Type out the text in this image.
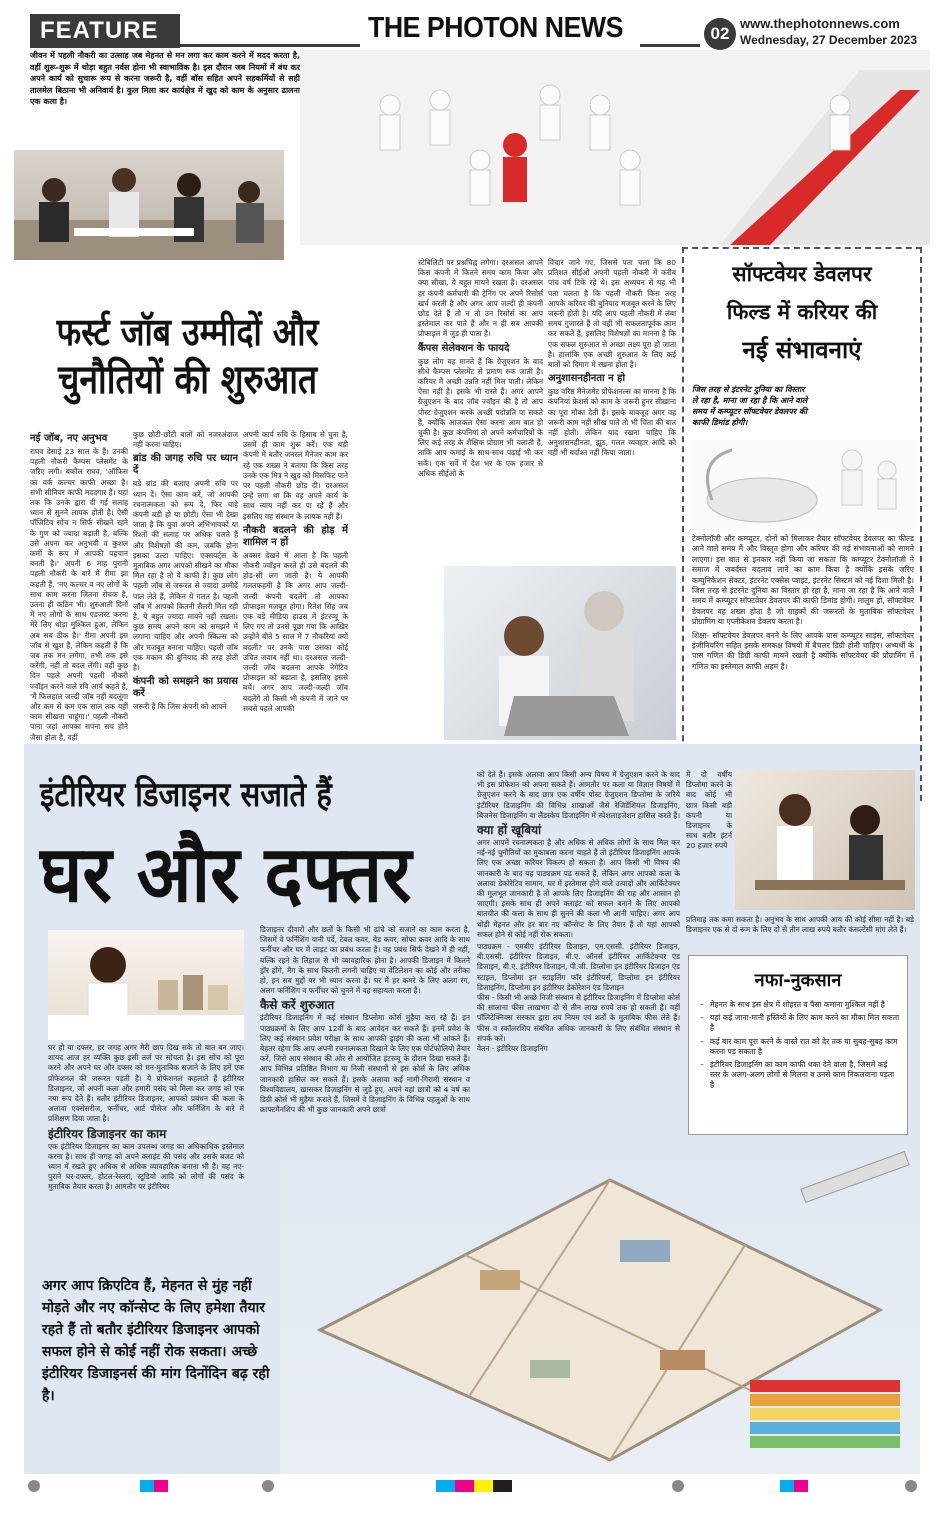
FEATURE	THE PHOTON NEWS	02
www.thephotonnews.com
Wednesday, 27 December 2023
जीवन में पहली नौकरी का उत्साह जब मेहनत से मन लगा कर काम करने में मदद करता है, वहीं शुरू-शुरू में थोड़ा बहुत नर्वस होना भी स्वाभाविक है। इस दौरान जब नियमों में बंध कर अपने कार्य को सुचारू रूप से करना जरूरी है, वहीं बॉस सहित अपने सहकर्मियों से सही तालमेल बिठाना भी अनिवार्य है। कुल मिला कर कार्यक्षेत्र में खुद को काम के अनुसार ढालना एक कला है।
फर्स्ट जॉब उम्मीदों और
चुनौतियों की शुरुआत
नई जॉब, नए अनुभव
राघव देसाई 23 साल के हैं। उनकी पहली नौकरी कैम्पस प्लेसमेंट के जरिए लगी। बकौल राघव, 'ऑफिस का वर्क कल्चर काफी अच्छा है। सभी सीनियर काफी मददगार हैं। यहां तक कि उनके द्वारा दी गई सलाह ध्यान से सुनने लायक होती है। ऐसी पॉजिटिव सोच न सिर्फ सीखने रहने के गुण को ज्यादा बढ़ाती है, बल्कि उसे अपना कर अनुभवी व कुशल कर्मी के रूप में आपकी पहचान बनती है।' अपनी 6 माह पुरानी पहली नौकरी के बारे में रीमा झा कहती हैं, 'नए कल्चर व नए लोगों के साथ काम करना जितना रोचक है, उतना ही कठिन भी। शुरुआती दिनों में नए लोगों के साथ एडजस्ट करना मेरे लिए थोड़ा मुश्किल हुआ, लेकिन अब सब ठीक है।' रीमा अपनी इस जॉब से खुश हैं, लेकिन कहती हैं कि जब तक मन लगेगा, तभी तक इसे करेंगी, नहीं तो बदल लेंगी। वहीं कुछ दिन पहले अपनी पहली नौकरी ज्वॉइन करने वाले रवि आर्य कहते हैं, 'मैं फिलहाल जल्दी जॉब नहीं बदलूंगा और कम से कम एक साल तक यहीं काम सीखना चाहूंगा।' पहली नौकरी पाना जहां आपका सपना सच होने जैसा होता है, वहीं
कुछ छोटी-छोटी बातों को नजरअंदाज नहीं करना चाहिए।
ब्रांड की जगह रुचि पर ध्यान दें
बड़े ब्रांड की बजाए अपनी रुचि पर ध्यान दें। ऐसा काम करें, जो आपकी रचनात्मकता को रूप दे, फिर चाहे कंपनी बड़ी हो या छोटी। ऐसा भी देखा जाता है कि युवा अपने अभिभावकों या रिश्तों की सलाह पर अधिक चलते हैं और विशेषज्ञों की कम, जबकि होना इसका उल्टा चाहिए। एक्सपर्ट्स के मुताबिक अगर आपको सीखने का मौका मिल रहा है तो ये काफी है। कुछ लोग पहली जॉब से जरूरत से ज्यादा उम्मीदें पाल लेते हैं, लेकिन ये गलत है। पहली जॉब में आपको कितनी सैलरी मिल रही है, ये बहुत ज्यादा मायने नहीं रखता। कुछ समय अपने काम को समझने में लगाना चाहिए और अपनी स्किल्स को और मजबूत बनाना चाहिए। पहली जॉब एक मकान की बुनियाद की तरह होती है।
कंपनी को समझने का प्रयास करें
जरूरी है कि जिस कंपनी को आपने
अपनी कार्य रुचि के हिसाब से चुना है, उसमें ही काम शुरू करें। एक बड़ी कंपनी में बतौर जनरल मैनेजर काम कर रहे एक शख्स ने बताया कि किस तरह उनके एक मित्र ने खुद को मिसफिट पाने पर पहली नौकरी छोड़ दी। दरअसल उन्हें लगा था कि वह अपने कार्य के साथ न्याय नहीं कर पा रहे हैं और इसलिए वह संस्थान के लायक नहीं हैं।
नौकरी बदलने की होड़ में शामिल न हों
अक्सर देखने में आता है कि पहली नौकरी ज्वॉइन करते ही उसे बदलने की होड़-सी लग जाती है। ये आपकी गलतफहमी है कि अगर आप जल्दी-जल्दी कंपनी बदलेंगे तो आपका प्रोफाइल मजबूत होगा। रितेश सिंह जब एक बड़े मीडिया हाउस में इंटरव्यू के लिए गए तो उनसे पूछा गया कि आखिर उन्होंने बीते 5 साल में 7 नौकरियां क्यों बदलीं? पर उनके पास उसका कोई उचित जवाब नहीं था। दरअसल जल्दी-जल्दी जॉब बदलना आपके नेगेटिव प्रोफाइल को बढ़ाता है, इसलिए इससे बचें। अगर आप जल्दी-जल्दी जॉब बदलेंगे तो किसी भी कंपनी में जाने पर सबसे पहले आपकी
स्टेबिलिटी पर प्रश्नचिह्न लगेगा। दरअसल आपने किस कंपनी में कितने समय काम किया और क्या सीखा, ये बहुत मायने रखता है। दरअसल हर कंपनी कर्मचारी की ट्रेनिंग पर अपने रिसोर्स खर्च करती है और अगर आप जल्दी ही कंपनी छोड़ देते हैं तो न तो उन रिसोर्स का आप इस्तेमाल कर पाते हैं और न ही सब आपकी प्रोफाइल में जुड़ ही पाता है।
कैंपस सेलेक्शन के फायदे
कुछ लोग यह मानते हैं कि ग्रेजुएशन के बाद सीधे कैम्पस प्लेसमेंट से प्रमाण रुक जाती है। करियर में अच्छी उन्नति नहीं मिल पाती। लेकिन ऐसा नहीं है। इसके भी रास्ते हैं। अगर आपने ग्रेजुएशन के बाद जॉब ज्वॉइन की है तो आप पोस्ट ग्रेजुएशन करके अच्छी पदोन्नति पा सकते हैं, क्योंकि आजकल ऐसा करना आम बात हो चुकी है। कुछ कंपनियां तो अपने कर्मचारियों के लिए कई तरह के शैक्षिक प्रोग्राम भी चलाती हैं, ताकि आप कमाई के साथ-साथ पढ़ाई भी कर सकें। एक सर्वे में देश भर के एक हजार से अधिक सीईओ के
विचार जाने गए, जिससे पता चला कि 80 प्रतिशत सीईओ अपनी पहली नौकरी में करीब पांच वर्ष टिके रहे थे। इस अध्ययन से यह भी पता चलता है कि पहली नौकरी किस तरह आपके करियर की बुनियाद मजबूत करने के लिए जरूरी होती है। यदि आप पहली नौकरी में लंबा समय गुजारते हैं तो वहीं भी सफलतापूर्वक काम कर सकते हैं, इसलिए विशेषज्ञों का मानना है कि एक सफल शुरुआत से अच्छा लक्ष्य पूरा हो जाता है। हालांकि एक अच्छी शुरुआत के लिए कई बातों को दिमाग में रखना होता है।
अनुशासनहीनता न हो
कुछ वरिष्ठ मैनेजमेंट प्रोफेशनल्स का मानना है कि कंपनियां फ्रेशर्स को काम के जरूरी हुनर सीखाना का पूरा मौका देती हैं। इसके बावजूद अगर वह जरूरी काम नहीं सीख पाते तो भी चिंता की बात नहीं होती। लेकिन याद रखना चाहिए कि अनुशासनहीनता, झूठ, गलत व्यवहार आदि को वहीं भी बर्दाश्त नहीं किया जाता।
सॉफ्टवेयर डेवलपर
फिल्ड में करियर की
नई संभावनाएं
जिस तरह से इंटरनेट दुनिया का विस्तार ले रहा है, माना जा रहा है कि आने वाले समय में कम्प्यूटर सॉफ्टवेयर डेवलपर की काफी डिमांड होगी।
टेक्नोलॉजी और कम्प्यूटर, दोनों को मिलाकर तैयार सॉफ्टवेयर डेवलपर का फील्ड आने वाले समय में और विस्तृत होगा और करियर की नई संभावनाओं को सामने लाएगा। इस बात से इनकार नहीं किया जा सकता कि कम्प्यूटर टेक्नोलॉजी ने समाज में जबर्दस्त बदलाव लाने का काम किया है क्योंकि इसके जरिए कम्युनिकेशन सेक्टर, इंटरनेट एक्सेस प्वाइंट, इंटरनेट सिस्टम को नई दिशा मिली है। जिस तरह से इंटरनेट दुनिया का विस्तार हो रहा है, माना जा रहा है कि आने वाले समय में कम्प्यूटर सॉफ्टवेयर डेवलपर की काफी डिमांड होगी। मालूम हो, सॉफ्टवेयर डेवलपर वह शख्स होता है जो ग्राहकों की जरूरतों के मुताबिक सॉफ्टवेयर प्रोग्रामिंग या एप्लीकेशन डेवलप करता है।
शिक्षा- सॉफ्टवेयर डेवलपर बनने के लिए आपके पास कम्प्यूटर साइंस, सॉफ्टवेयर इंजीनियरिंग सहित इसके समकक्ष विषयों में बैचलर डिग्री होनी चाहिए। अभ्यर्थी के पास गणित की डिग्री काफी मायने रखती है क्योंकि सॉफ्टवेयर की प्रोग्रामिंग में गणित का इस्तेमाल काफी अहम है।
इंटीरियर डिजाइनर सजाते हैं
घर और दफ्तर
घर हो या दफ्तर, हर जगह अगर मेरी छाप दिख सके तो बात बन जाए। शायद आज हर व्यक्ति कुछ इसी तर्ज पर सोचता है। इस सोच को पूरा करने और अपने घर और दफ्तर को मन-मुताबिक सजाने के लिए हमें एक प्रोफेशनल की जरूरत पड़ती है। ये प्रोफेशनल कहलाते हैं इंटीरियर डिजाइनर, जो अपनी कला और हमारी पसंद को मिला कर जगह को एक नया रूप देते हैं। बतौर इंटीरियर डिजाइनर, आपको प्रबंधन की कला के अलावा एक्सेसरीज, फर्नीचर, आर्ट पीसेज और फर्निशिंग के बारे में प्रशिक्षण दिया जाता है।
इंटीरियर डिजाइनर का काम
एक इंटीरियर डिजाइनर का काम उपलब्ध जगह का अधिकाधिक इस्तेमाल करना है। साथ ही जगह को अपने क्लाइंट की पसंद और उसके बजट को ध्यान में रखते हुए अधिक से अधिक व्यावहारिक बनाना भी है। वह नए-पुराने घर-दफ्तर, होटल-रेस्तरां, स्टूडियो आदि को लोगों की पसंद के मुताबिक तैयार करता है। आमतौर पर इंटीरियर
डिजाइनर दीवारों और छतों के किसी भी ढांचे को सजाने का काम करता है, जिसमें वे फर्निशिंग यानी पर्दे, टेबल कवर, बेड कवर, सोफा कवर आदि के साथ फर्नीचर और घर में लाइट का प्रबंध करता है। वह प्रबंध सिर्फ देखने में ही नहीं, बल्कि रहने के लिहाज से भी व्यावहारिक होना है। आपकी डिजाइन में कितने ड्रॉर होंगे, मैग के साथ कितनी लगनी चाहिए या वेंटिलेशन का कोई और तरीका हो, इन सब मुद्दों पर भी ध्यान करना है। घर में हर कमरे के लिए अलग रंग, अलग फर्निशिंग व फर्नीचर को चुनने में वह सहायता करता है।
कैसे करें शुरुआत
इंटीरियर डिजाइनिंग में कई संस्थान डिप्लोमा कोर्स मुहैया करा रहे हैं। इन पाठ्यक्रमों के लिए आप 12वीं के बाद आवेदन कर सकते हैं। इनमें प्रवेश के लिए कई संस्थान प्रवेश परीक्षा के साथ आपकी ड्राइंग की कला भी आंकते हैं। बेहतर रहेगा कि आप अपनी रचनात्मकता दिखाने के लिए एक पोर्टफोलियो तैयार करें, जिसे आप संस्थान की ओर से आयोजित इंटरव्यू के दौरान दिखा सकते हैं। आप विभिन्न प्रतिष्ठित विभाग या निजी संस्थानों से इस कोर्स के लिए अधिक जानकारी हासिल कर सकते हैं। इसके अलावा कई नामी-गिरामी संस्थान व विश्वविद्यालय, ख़ासकर डिज़ाइनिंग से जुड़े हुए, अपने यहां छात्रों को 4 वर्ष का डिग्री कोर्स भी मुहैया कराते हैं, जिसमें वे डिज़ाइनिंग के विभिन्न पहलुओं के साथ क्राफ्टमैनशिप की भी कुछ जानकारी अपने छात्रों
को देते हैं। इसके अलावा आप किसी अन्य विषय में ग्रेजुएशन करने के बाद भी इस प्रोफेशन को अपना सकते हैं। आमतौर पर कला या विज्ञान विषयों में ग्रेजुएशन करने के बाद छात्र एक वर्षीय पोस्ट ग्रेजुएशन डिप्लोमा के जरिये इंटीरियर डिजाइनिंग की विभिन्न शाखाओं जैसे रेजिडेंशियल डिजाइनिंग, बिजनेस डिजाइनिंग या लैंडस्केप डिजाइनिंग में स्पेशलाइजेशन हासिल करते हैं।
क्या हों खूबियां
अगर आपमें रचनात्मकता है और अधिक से अधिक लोगों के साथ मिल कर नई-नई चुनौतियों का मुकाबला करना चाहते हैं तो इंटीरियर डिजाइनिंग आपके लिए एक अच्छा करियर विकल्प हो सकता है। आप किसी भी विषय की जानकारी के बाद यह पाठ्यक्रम पढ़ सकते हैं, लेकिन अगर आपको कला के अलावा डेकोरेटिव सामान, घर में इस्तेमाल होने वाले उत्पादों और आर्किटेक्चर की मूलभूत जानकारी है तो आपके लिए डिजाइनिंग की राह और आसान हो जाएगी। इसके साथ ही अपने क्लाइंट को सफल बनाने के लिए आपको बातचीत की कला के साथ ही सुनने की कला भी आनी चाहिए। अगर आप थोड़ी मेहनत और हर बार नए कॉन्सेप्ट के लिए तैयार हैं तो यहां आपको सफल होने से कोई नहीं रोक सकता।
पाठ्यक्रम - एमबीए इंटीरियर डिजाइन, एम.एससी. इंटीरियर डिजाइन, बी.एससी. इंटीरियर डिजाइन, बी.ए. ऑनर्स इंटीरियर आर्किटेक्चर एंड डिजाइन, बी.ए. इंटीरियर डिजाइन, पी.जी. डिप्लोमा इन इंटीरियर डिजाइन एंड स्टाइल, डिप्लोमा इन स्टाइलिंग फॉर इंटीरियर्स, डिप्लोमा इन इंटीरियर डिजाइनिंग, डिप्लोमा इन इंटीरियर डेकोरेशन एंड डिजाइन
फीस - किसी भी अच्छे निजी संस्थान से इंटीरियर डिजाइनिंग में डिप्लोमा कोर्स की सालाना फीस लाखभग दो से तीन लाख रुपये तक हो सकती है। वहीं पॉलिटेक्निक्स सरकार द्वारा तय नियम एवं शर्तों के मुताबिक फीस लेते हैं। फीस व स्कॉलरशिप संबंधित अधिक जानकारी के लिए संबंधित संस्थान से संपर्क करें।
वेतन - इंटीरियर डिजाइनिंग
में दो वर्षीय डिप्लोमा करने के बाद कोई भी छात्र किसी बड़ी कंपनी या डिजाइनर के साथ बतौर इंटर्न 20 हजार रुपये
प्रतिमाह तक कमा सकता है। अनुभव के साथ आपकी आय की कोई सीमा नहीं है। बड़े डिजाइनर एक से दो रूम के लिए दो से तीन लाख रुपये बतौर कंसल्टेंसी मांग लेते हैं।
नफा-नुकसान
– मेहनत के साथ इस क्षेत्र में शोहरत व पैसा कमाना मुश्किल नहीं है
– यहां कई जाना-मानी हस्तियों के लिए काम करने का मौका मिल सकता है
– कई बार काम पूरा करने के वास्ते रात को देर तक या सुबह-सुबह काम करना पड़ सकता है
– इंटीरियर डिजाइनिंग का काम काफी थका देने वाला है, जिसमें कई स्तर के अलग-अलग लोगों से मिलना व उनसे काम निकलवाना पड़ता है
अगर आप क्रिएटिव हैं, मेहनत से मुंह नहीं मोड़ते और नए कॉन्सेप्ट के लिए हमेशा तैयार रहते हैं तो बतौर इंटीरियर डिजाइनर आपको सफल होने से कोई नहीं रोक सकता। अच्छे इंटीरियर डिजाइनर्स की मांग दिनोंदिन बढ़ रही है।
